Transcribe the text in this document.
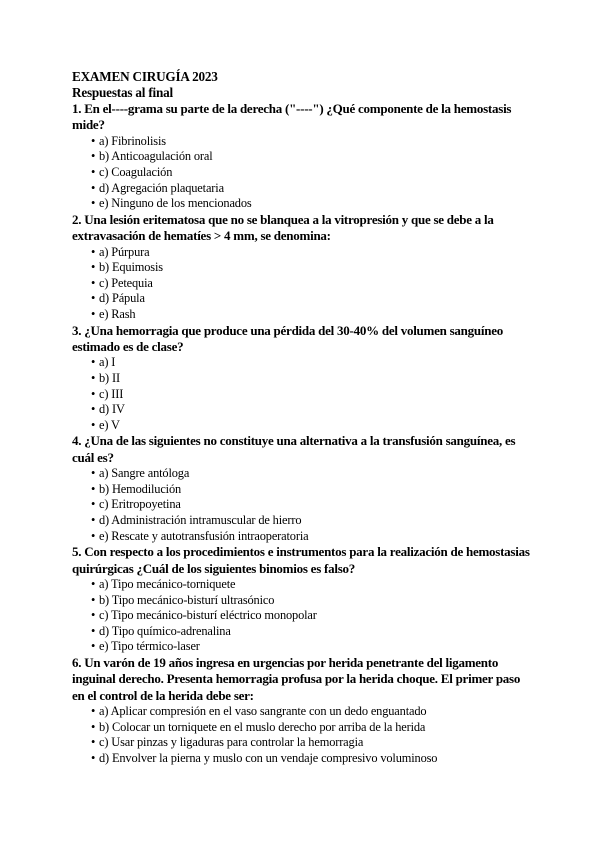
EXAMEN CIRUGÍA 2023
Respuestas al final
1. En el----grama su parte de la derecha ("----") ¿Qué componente de la hemostasis mide?
• a) Fibrinolisis
• b) Anticoagulación oral
• c) Coagulación
• d) Agregación plaquetaria
• e) Ninguno de los mencionados
2. Una lesión eritematosa que no se blanquea a la vitropresión y que se debe a la extravasación de hematíes > 4 mm, se denomina:
• a) Púrpura
• b) Equimosis
• c) Petequia
• d) Pápula
• e) Rash
3. ¿Una hemorragia que produce una pérdida del 30-40% del volumen sanguíneo estimado es de clase?
• a) I
• b) II
• c) III
• d) IV
• e) V
4. ¿Una de las siguientes no constituye una alternativa a la transfusión sanguínea, es cuál es?
• a) Sangre antóloga
• b) Hemodilución
• c) Eritropoyetina
• d) Administración intramuscular de hierro
• e) Rescate y autotransfusión intraoperatoria
5. Con respecto a los procedimientos e instrumentos para la realización de hemostasias quirúrgicas ¿Cuál de los siguientes binomios es falso?
• a) Tipo mecánico-torniquete
• b) Tipo mecánico-bisturí ultrasónico
• c) Tipo mecánico-bisturí eléctrico monopolar
• d) Tipo químico-adrenalina
• e) Tipo térmico-laser
6. Un varón de 19 años ingresa en urgencias por herida penetrante del ligamento inguinal derecho. Presenta hemorragia profusa por la herida choque. El primer paso en el control de la herida debe ser:
• a) Aplicar compresión en el vaso sangrante con un dedo enguantado
• b) Colocar un torniquete en el muslo derecho por arriba de la herida
• c) Usar pinzas y ligaduras para controlar la hemorragia
• d) Envolver la pierna y muslo con un vendaje compresivo voluminoso
